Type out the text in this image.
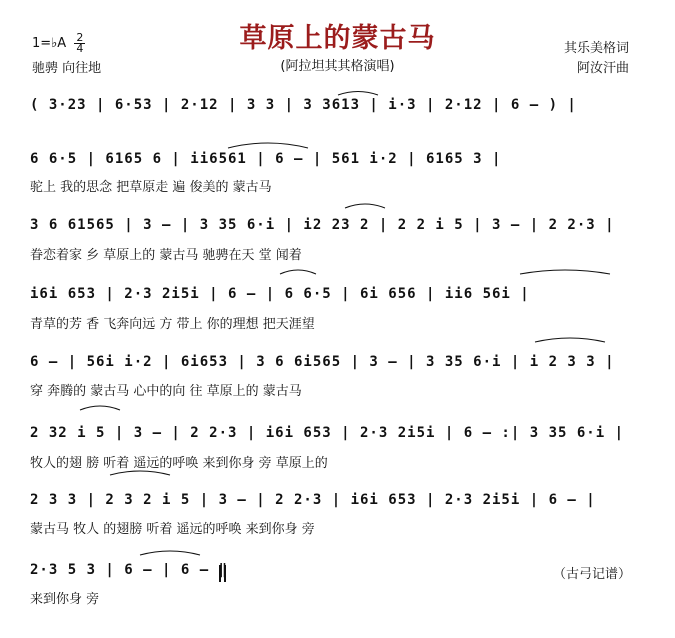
草原上的蒙古马
(阿拉坦其其格演唱)
1=♭A $\frac{2}{4}$
驰骋 向往地
其乐美格词
阿汝汗曲
( 3·23 | 6·53 | 2·12 | 3 3 | 3 3613 | i·3 | 2·12 | 6 – ) |
6 6·5 | 6165 6 | ii6561 | 6 – | 561 i·2 | 6165 3 |
驼上 我的思念 把草原走 遍 俊美的 蒙古马
3 6 61565 | 3 – | 3 35 6·i | i2 23 2 | 2 2 i 5 | 3 – | 2 2·3 |
眷恋着家 乡 草原上的 蒙古马 驰骋在天 堂 闻着
i6i 653 | 2·3 2i5i | 6 – | 6 6·5 | 6i 656 | ii6 56i |
青草的芳 香 飞奔向远 方 带上 你的理想 把天涯望
6 – | 56i i·2 | 6i653 | 3 6 6i565 | 3 – | 3 35 6·i | i 2 3 3 |
穿 奔腾的 蒙古马 心中的向 往 草原上的 蒙古马
2 32 i 5 | 3 – | 2 2·3 | i6i 653 | 2·3 2i5i | 6 – :| 3 35 6·i |
牧人的翅 膀 听着 遥远的呼唤 来到你身 旁 草原上的
2 3 3 | 2 3 2 i 5 | 3 – | 2 2·3 | i6i 653 | 2·3 2i5i | 6 – |
蒙古马 牧人 的翅膀 听着 遥远的呼唤 来到你身 旁
2·3 5 3 | 6 – | 6 – ‖
来到你身 旁
（古弓记谱）
